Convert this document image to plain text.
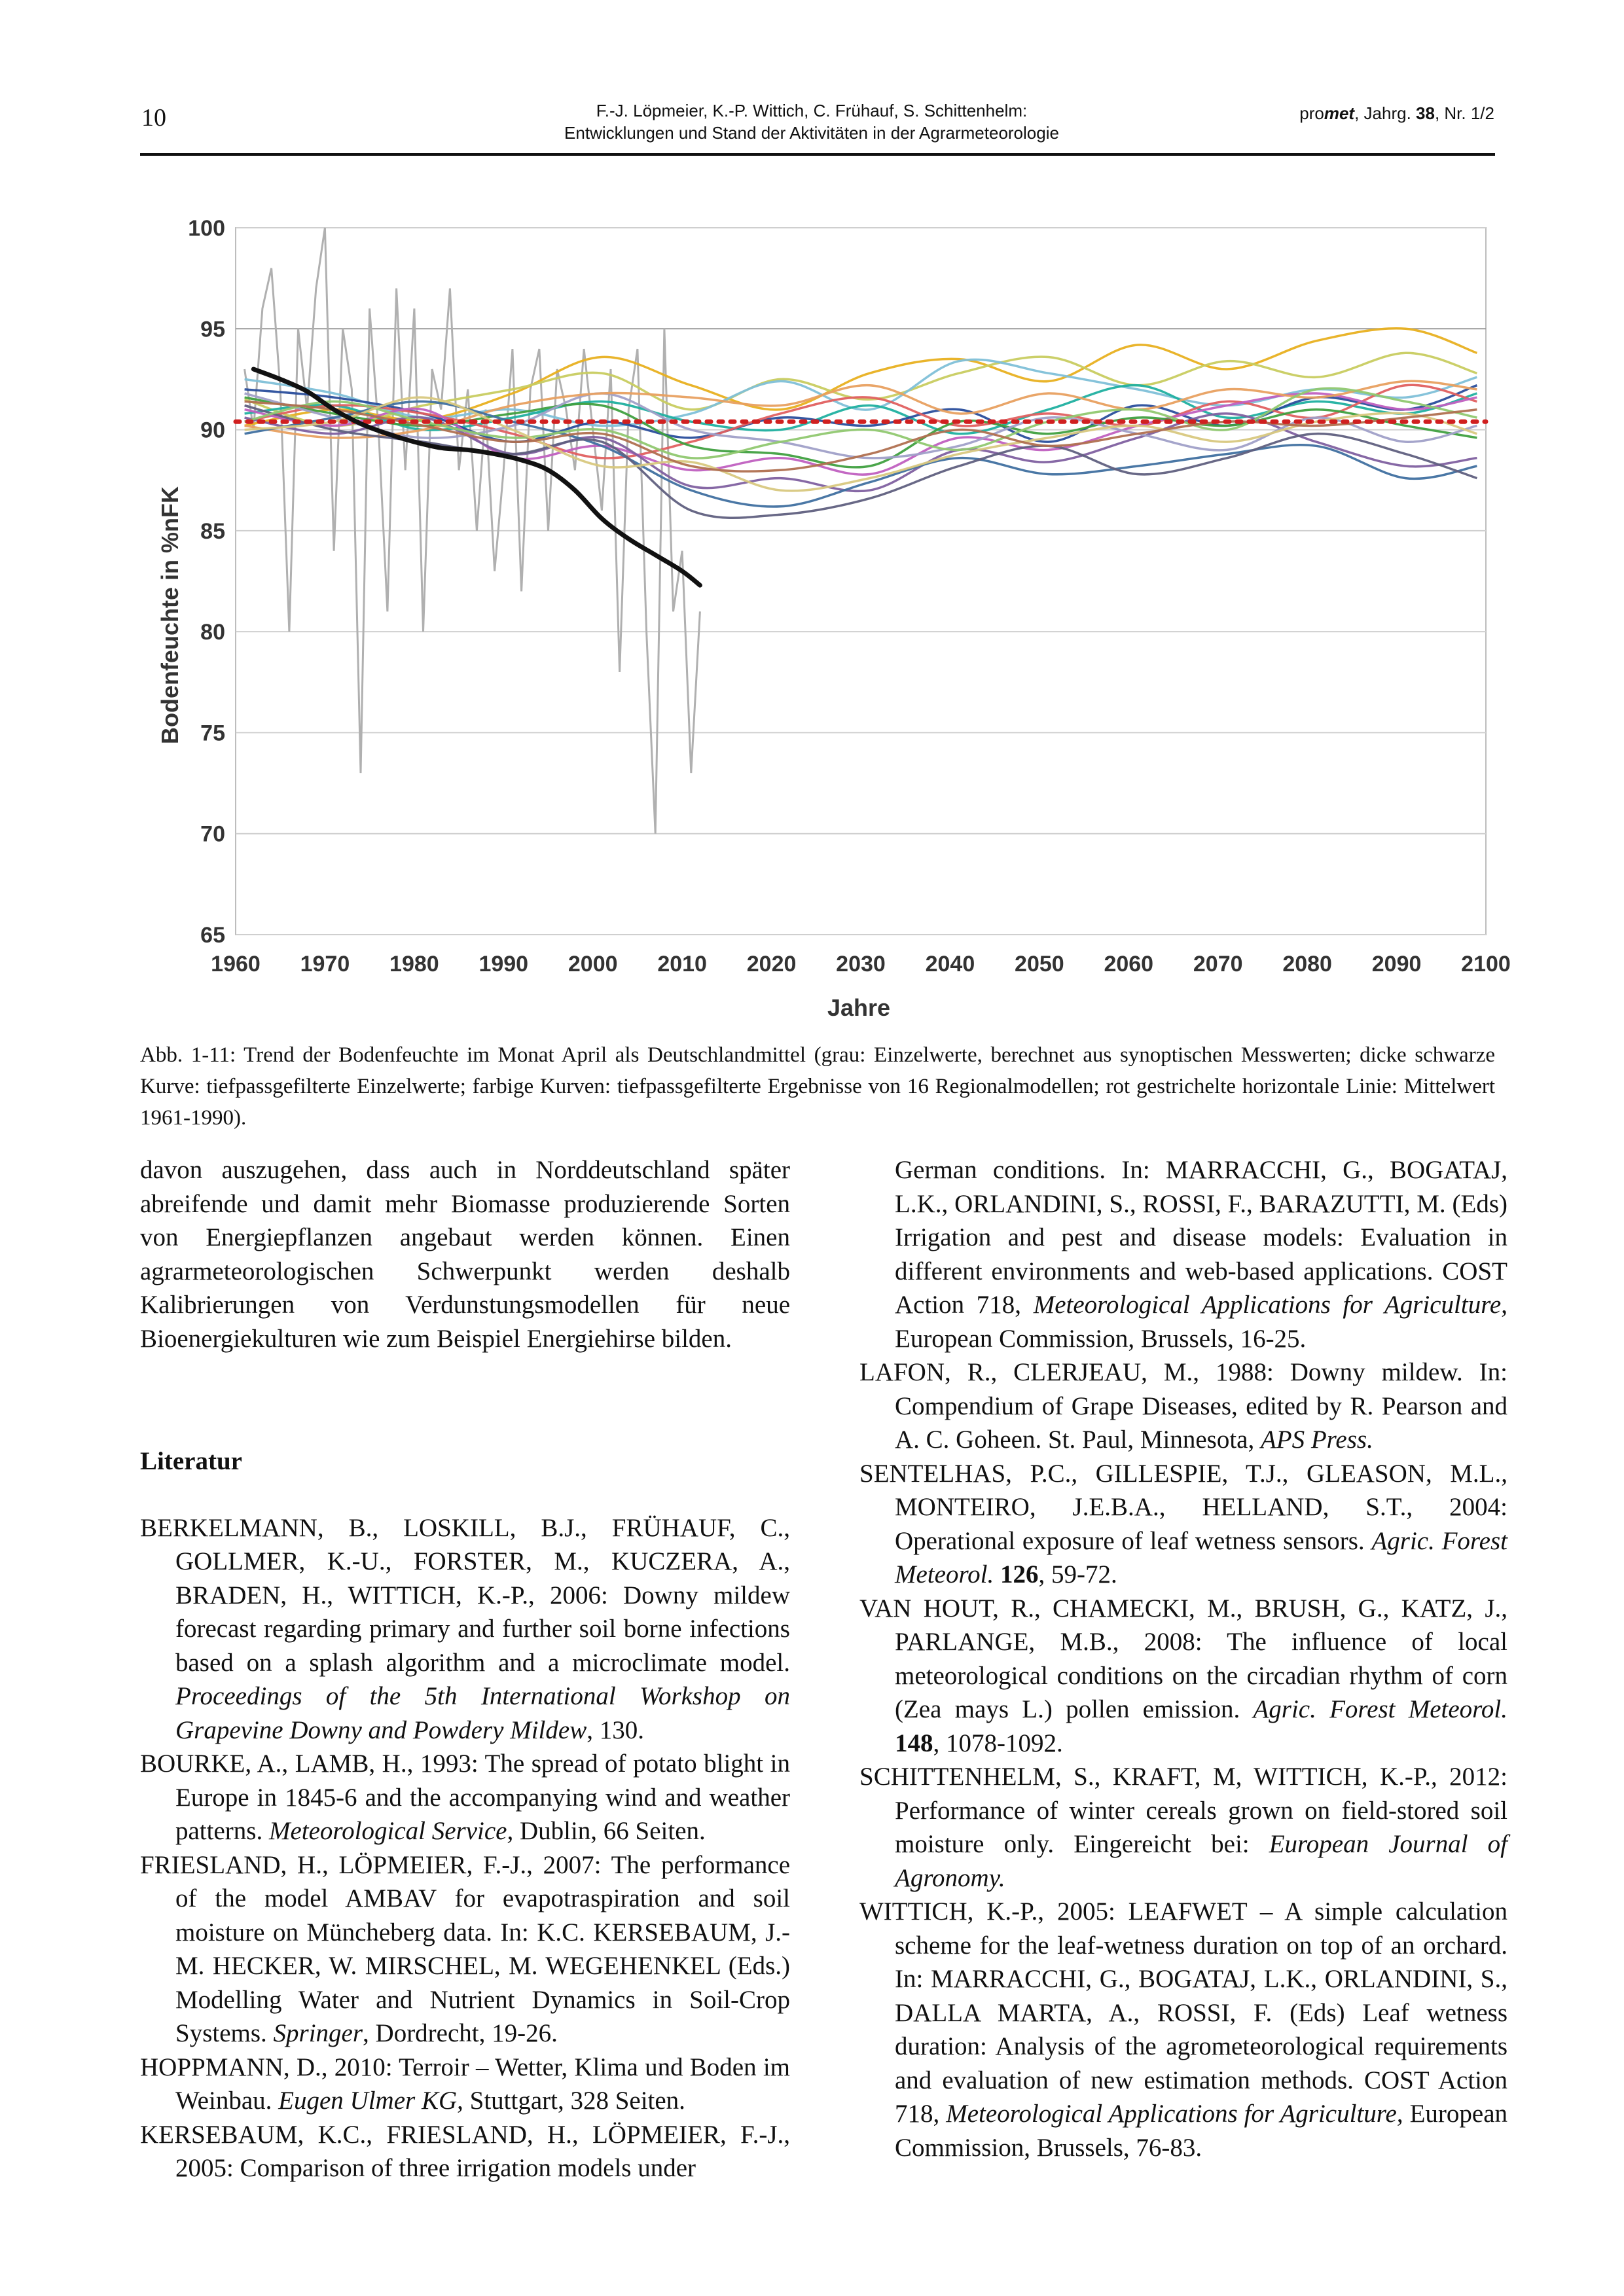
10	F.-J. Löpmeier, K.-P. Wittich, C. Frühauf, S. Schittenhelm:
Entwicklungen und Stand der Aktivitäten in der Agrarmeteorologie
promet, Jahrg. 38, Nr. 1/2
65
70
75
80
85
90
95
100
1960 1970 1980 1990 2000 2010 2020 2030 2040 2050 2060 2070 2080 2090 2100
Bodenfeuchte in %nFK
Jahre
Abb. 1-11: Trend der Bodenfeuchte im Monat April als Deutschlandmittel (grau: Einzelwerte, berechnet aus synoptischen Messwerten; dicke schwarze Kurve: tiefpassgefilterte Einzelwerte; farbige Kurven: tiefpassgefilterte Ergebnisse von 16 Regionalmodellen; rot gestrichelte horizontale Linie: Mittelwert 1961-1990).

davon auszugehen, dass auch in Norddeutschland später abreifende und damit mehr Biomasse produzierende Sorten von Energiepflanzen angebaut werden können. Einen agrarmeteorologischen Schwerpunkt werden deshalb Kalibrierungen von Verdunstungsmodellen für neue Bioenergiekulturen wie zum Beispiel Energiehirse bilden.

Literatur

BERKELMANN, B., LOSKILL, B.J., FRÜHAUF, C., GOLLMER, K.-U., FORSTER, M., KUCZERA, A., BRADEN, H., WITTICH, K.-P., 2006: Downy mildew forecast regarding primary and further soil borne infections based on a splash algorithm and a microclimate model. Proceedings of the 5th International Workshop on Grapevine Downy and Powdery Mildew, 130.

BOURKE, A., LAMB, H., 1993: The spread of potato blight in Europe in 1845-6 and the accompanying wind and weather patterns. Meteorological Service, Dublin, 66 Seiten.

FRIESLAND, H., LÖPMEIER, F.-J., 2007: The performance of the model AMBAV for evapotraspiration and soil moisture on Müncheberg data. In: K.C. KERSEBAUM, J.-M. HECKER, W. MIRSCHEL, M. WEGEHENKEL (Eds.) Modelling Water and Nutrient Dynamics in Soil-Crop Systems. Springer, Dordrecht, 19-26.

HOPPMANN, D., 2010: Terroir – Wetter, Klima und Boden im Weinbau. Eugen Ulmer KG, Stuttgart, 328 Seiten.

KERSEBAUM, K.C., FRIESLAND, H., LÖPMEIER, F.-J., 2005: Comparison of three irrigation models under

German conditions. In: MARRACCHI, G., BOGATAJ, L.K., ORLANDINI, S., ROSSI, F., BARAZUTTI, M. (Eds) Irrigation and pest and disease models: Evaluation in different environments and web-based applications. COST Action 718, Meteorological Applications for Agriculture, European Commission, Brussels, 16-25.

LAFON, R., CLERJEAU, M., 1988: Downy mildew. In: Compendium of Grape Diseases, edited by R. Pearson and A. C. Goheen. St. Paul, Minnesota, APS Press.

SENTELHAS, P.C., GILLESPIE, T.J., GLEASON, M.L., MONTEIRO, J.E.B.A., HELLAND, S.T., 2004: Operational exposure of leaf wetness sensors. Agric. Forest Meteorol. 126, 59-72.

VAN HOUT, R., CHAMECKI, M., BRUSH, G., KATZ, J., PARLANGE, M.B., 2008: The influence of local meteorological conditions on the circadian rhythm of corn (Zea mays L.) pollen emission. Agric. Forest Meteorol. 148, 1078-1092.

SCHITTENHELM, S., KRAFT, M, WITTICH, K.-P., 2012: Performance of winter cereals grown on field-stored soil moisture only. Eingereicht bei: European Journal of Agronomy.

WITTICH, K.-P., 2005: LEAFWET – A simple calculation scheme for the leaf-wetness duration on top of an orchard. In: MARRACCHI, G., BOGATAJ, L.K., ORLANDINI, S., DALLA MARTA, A., ROSSI, F. (Eds) Leaf wetness duration: Analysis of the agrometeorological requirements and evaluation of new estimation methods. COST Action 718, Meteorological Applications for Agriculture, European Commission, Brussels, 76-83.
